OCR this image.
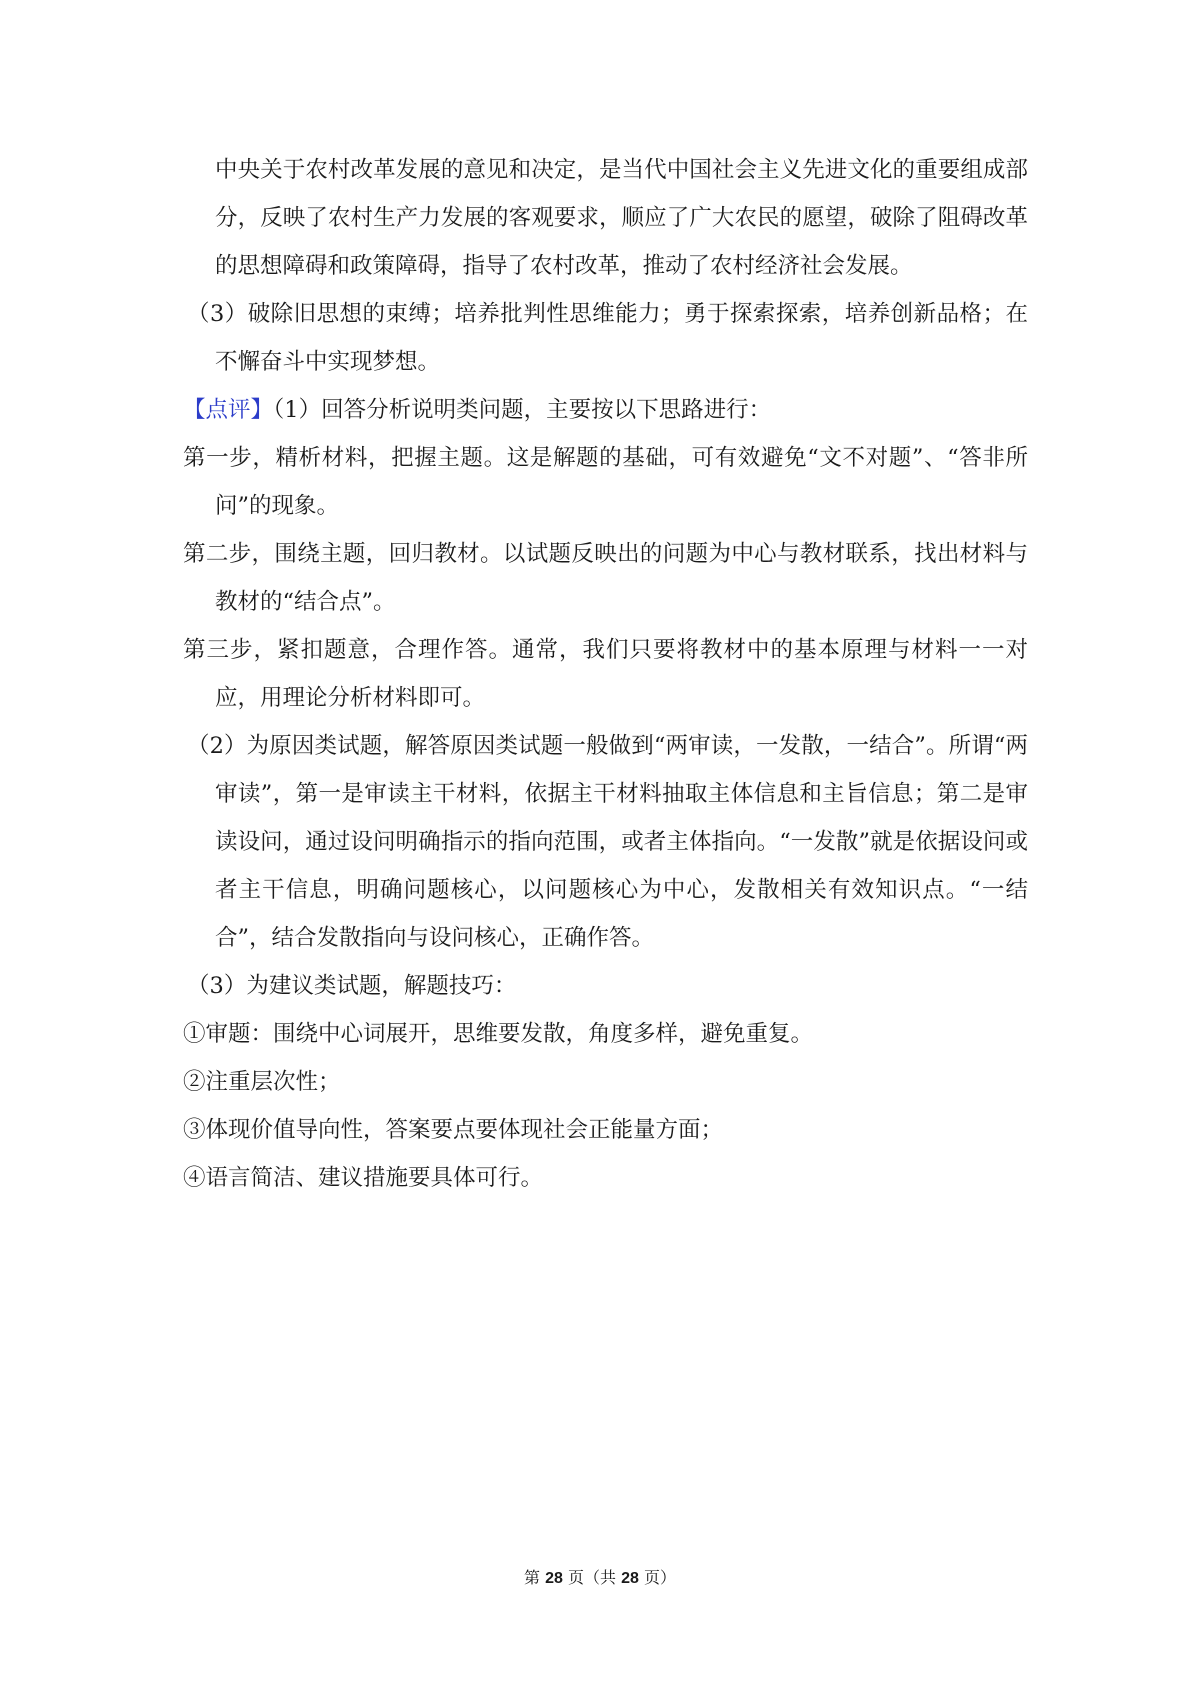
中央关于农村改革发展的意见和决定，是当代中国社会主义先进文化的重要组成部分，反映了农村生产力发展的客观要求，顺应了广大农民的愿望，破除了阻碍改革的思想障碍和政策障碍，指导了农村改革，推动了农村经济社会发展。

（3）破除旧思想的束缚；培养批判性思维能力；勇于探索探索，培养创新品格；在不懈奋斗中实现梦想。

【点评】（1）回答分析说明类问题，主要按以下思路进行：

第一步，精析材料，把握主题。这是解题的基础，可有效避免“文不对题”、“答非所问”的现象。

第二步，围绕主题，回归教材。以试题反映出的问题为中心与教材联系，找出材料与教材的“结合点”。

第三步，紧扣题意，合理作答。通常，我们只要将教材中的基本原理与材料一一对应，用理论分析材料即可。

（2）为原因类试题，解答原因类试题一般做到“两审读，一发散，一结合”。所谓“两审读”，第一是审读主干材料，依据主干材料抽取主体信息和主旨信息；第二是审读设问，通过设问明确指示的指向范围，或者主体指向。“一发散”就是依据设问或者主干信息，明确问题核心，以问题核心为中心，发散相关有效知识点。“一结合”，结合发散指向与设问核心，正确作答。

（3）为建议类试题，解题技巧：

①审题：围绕中心词展开，思维要发散，角度多样，避免重复。

②注重层次性；

③体现价值导向性，答案要点要体现社会正能量方面；

④语言简洁、建议措施要具体可行。

第 28 页（共 28 页）
